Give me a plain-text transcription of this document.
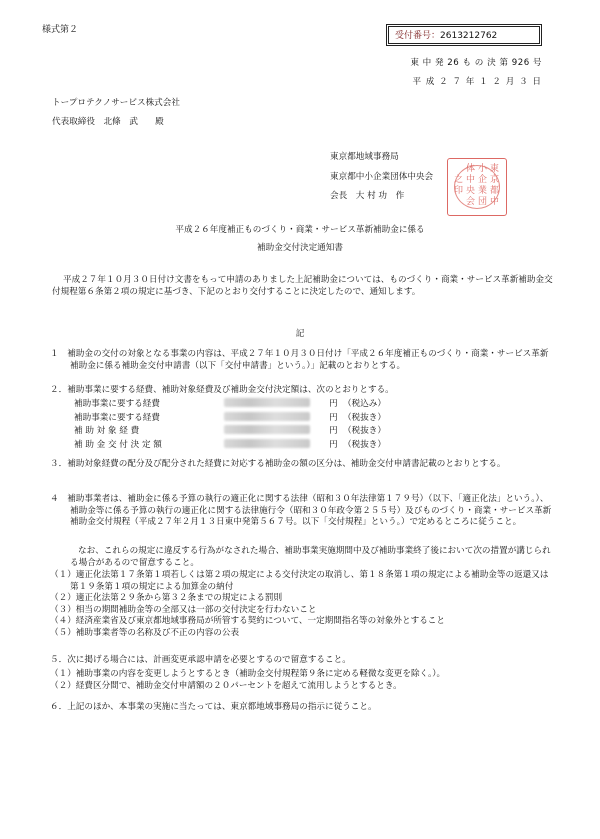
様式第２
受付番号：2613212762
東 中 発 26 も の 決 第 926 号
平 成 ２ ７ 年 １ ２ 月 ３ 日
トープロテクノサービス株式会社
代表取締役　北條　武　　殿
東
京
都
中
小
企
業
団
体
中
央
会
之
印
東京都地域事務局
東京都中小企業団体中央会
会長　大 村 功　作
平成２６年度補正ものづくり・商業・サービス革新補助金に係る
補助金交付決定通知書
平成２７年１０月３０日付け文書をもって申請のありました上記補助金については、ものづくり・商業・サービス革新補助金交付規程第６条第２項の規定に基づき、下記のとおり交付することに決定したので、通知します。
記
１　補助金の交付の対象となる事業の内容は、平成２７年１０月３０日付け「平成２６年度補正ものづくり・商業・サービス革新補助金に係る補助金交付申請書（以下「交付申請書」という。）」記載のとおりとする。
２．補助事業に要する経費、補助対象経費及び補助金交付決定額は、次のとおりとする。
補助事業に要する経費		円	（税込み）
補助事業に要する経費		円	（税抜き）
補 助 対 象 経 費		円	（税抜き）
補 助 金 交 付 決 定 額		円	（税抜き）
３．補助対象経費の配分及び配分された経費に対応する補助金の額の区分は、補助金交付申請書記載のとおりとする。
４　補助事業者は、補助金に係る予算の執行の適正化に関する法律（昭和３０年法律第１７９号）（以下、「適正化法」という。）、補助金等に係る予算の執行の適正化に関する法律施行令（昭和３０年政令第２５５号）及びものづくり・商業・サービス革新補助金交付規程（平成２７年２月１３日東中発第５６７号。以下「交付規程」という。）で定めるところに従うこと。
なお、これらの規定に違反する行為がなされた場合、補助事業実施期間中及び補助事業終了後において次の措置が講じられる場合があるので留意すること。
（１）適正化法第１７条第１項若しくは第２項の規定による交付決定の取消し、第１８条第１項の規定による補助金等の返還又は第１９条第１項の規定による加算金の納付
（２）適正化法第２９条から第３２条までの規定による罰則
（３）相当の期間補助金等の全部又は一部の交付決定を行わないこと
（４）経済産業省及び東京都地域事務局が所管する契約について、一定期間指名等の対象外とすること
（５）補助事業者等の名称及び不正の内容の公表
５．次に掲げる場合には、計画変更承認申請を必要とするので留意すること。
（１）補助事業の内容を変更しようとするとき（補助金交付規程第９条に定める軽微な変更を除く。）。
（２）経費区分間で、補助金交付申請額の２０パーセントを超えて流用しようとするとき。
６．上記のほか、本事業の実施に当たっては、東京都地域事務局の指示に従うこと。
